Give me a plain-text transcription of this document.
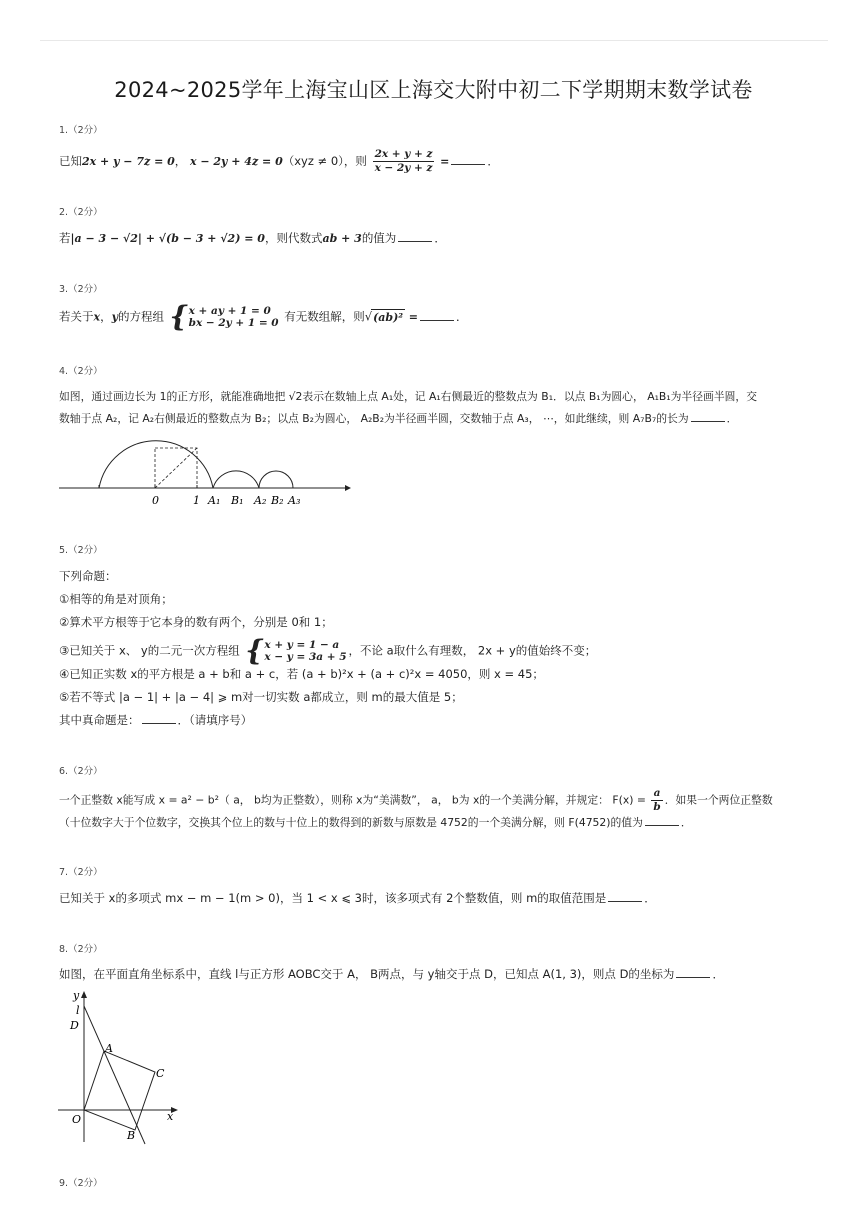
2024~2025学年上海宝山区上海交大附中初二下学期期末数学试卷
1.（2分）
已知2x + y − 7z = 0， x − 2y + 4z = 0（xyz ≠ 0），则 $\frac{2x + y + z}{x - 2y + z}$ =	．
2.（2分）
若|a − 3 − √2| + √(b − 3 + √2) = 0，则代数式ab + 3的值为	．
3.（2分）
若关于x，y的方程组 { x + ay + 1 = 0
bx − 2y + 1 = 0 有无数组解，则√(ab)² =	．
4.（2分）
如图，通过画边长为 1的正方形，就能准确地把 √2表示在数轴上点 A₁处，记 A₁右侧最近的整数点为 B₁．以点 B₁为圆心， A₁B₁为半径画半圆，交
数轴于点 A₂，记 A₂右侧最近的整数点为 B₂；以点 B₂为圆心， A₂B₂为半径画半圆，交数轴于点 A₃， ⋯，如此继续，则 A₇B₇的长为	．
0	1 A₁ B₁ A₂ B₂ A₃
5.（2分）
下列命题：
①相等的角是对顶角；
②算术平方根等于它本身的数有两个，分别是 0和 1；
③已知关于 x、 y的二元一次方程组 { x + y = 1 − a
x − y = 3a + 5 ，不论 a取什么有理数， 2x + y的值始终不变；
④已知正实数 x的平方根是 a + b和 a + c，若 (a + b)²x + (a + c)²x = 4050，则 x = 45；
⑤若不等式 |a − 1| + |a − 4| ⩾ m对一切实数 a都成立，则 m的最大值是 5；
其中真命题是：	．（请填序号）
6.（2分）
一个正整数 x能写成 x = a² − b²（ a， b均为正整数），则称 x为“美满数”， a， b为 x的一个美满分解，并规定： $F(x) = \frac{a}{b}$ ．如果一个两位正整数
（十位数字大于个位数字，交换其个位上的数与十位上的数得到的新数与原数是 4752的一个美满分解，则 F(4752)的值为	．
7.（2分）
已知关于 x的多项式 mx − m − 1(m > 0)，当 1 < x ⩽ 3时，该多项式有 2个整数值，则 m的取值范围是	．
8.（2分）
如图，在平面直角坐标系中，直线 l与正方形 AOBC交于 A， B两点，与 y轴交于点 D，已知点 A(1, 3)，则点 D的坐标为	．
y
l
D
A
C
O	x
B
9.（2分）
